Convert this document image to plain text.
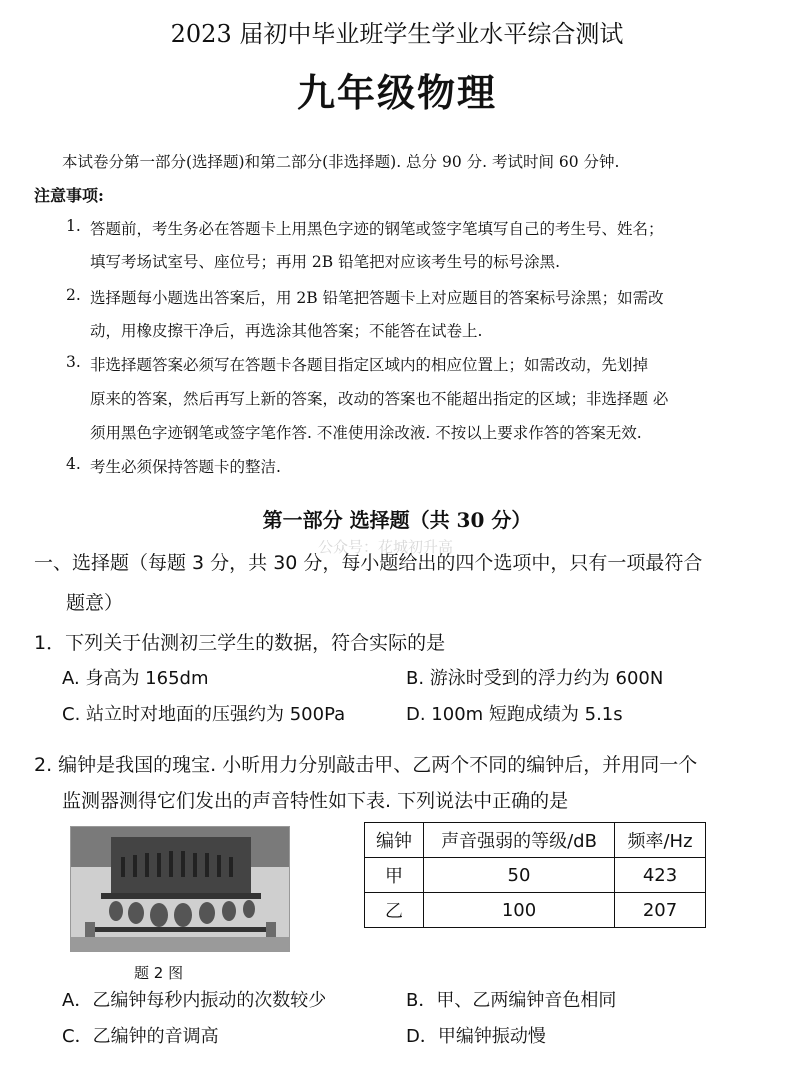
2023 届初中毕业班学生学业水平综合测试
九年级物理
本试卷分第一部分(选择题)和第二部分(非选择题). 总分 90 分. 考试时间 60 分钟.
注意事项:
1. 答题前，考生务必在答题卡上用黑色字迹的钢笔或签字笔填写自己的考生号、姓名；
填写考场试室号、座位号；再用 2B 铅笔把对应该考生号的标号涂黑.
2. 选择题每小题选出答案后，用 2B 铅笔把答题卡上对应题目的答案标号涂黑；如需改
动，用橡皮擦干净后，再选涂其他答案；不能答在试卷上.
3. 非选择题答案必须写在答题卡各题目指定区域内的相应位置上；如需改动，先划掉
原来的答案，然后再写上新的答案，改动的答案也不能超出指定的区域；非选择题 必
须用黑色字迹钢笔或签字笔作答. 不准使用涂改液. 不按以上要求作答的答案无效.
4. 考生必须保持答题卡的整洁.
第一部分 选择题（共 30 分）
公众号：花城初升高
一、选择题（每题 3 分，共 30 分，每小题给出的四个选项中，只有一项最符合
题意）
1．下列关于估测初三学生的数据，符合实际的是
A. 身高为 165dm	B. 游泳时受到的浮力约为 600N
C. 站立时对地面的压强约为 500Pa	D. 100m 短跑成绩为 5.1s
2. 编钟是我国的瑰宝. 小昕用力分别敲击甲、乙两个不同的编钟后，并用同一个
监测器测得它们发出的声音特性如下表. 下列说法中正确的是
题 2 图
编钟	声音强弱的等级/dB	频率/Hz
甲	50	423
乙	100	207
A．乙编钟每秒内振动的次数较少	B．甲、乙两编钟音色相同
C．乙编钟的音调高	D．甲编钟振动慢
